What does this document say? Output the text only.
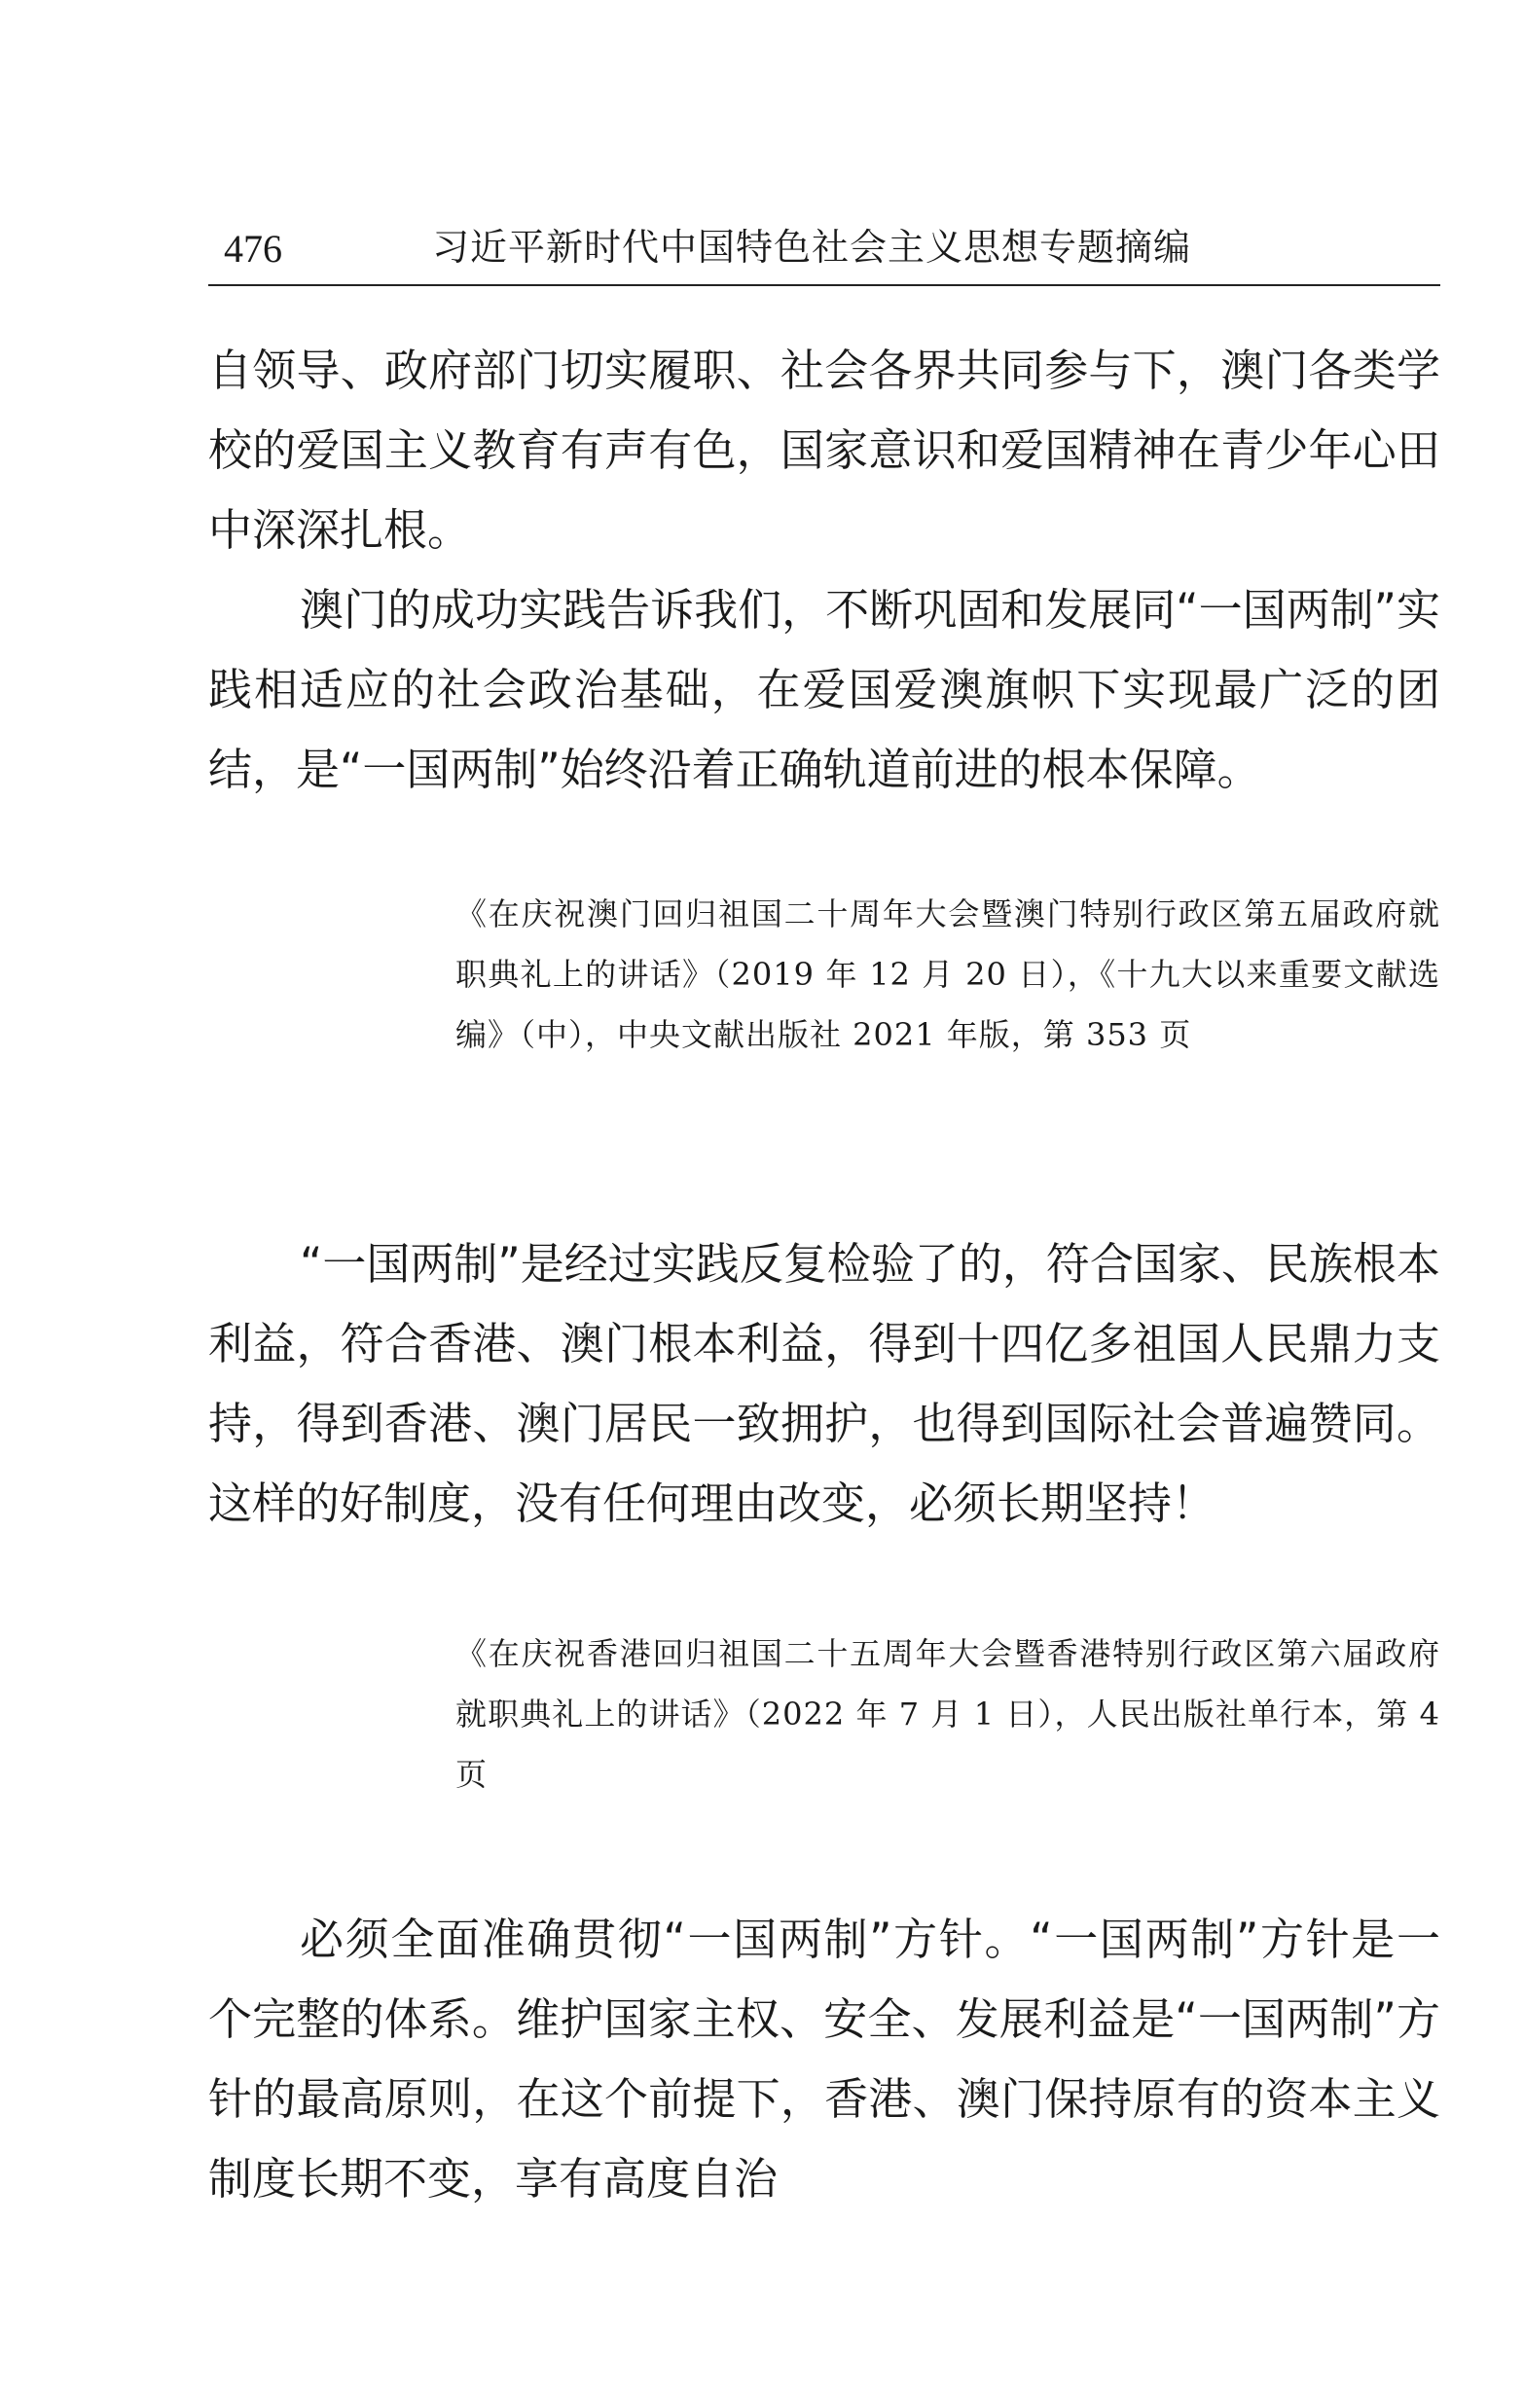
476	习近平新时代中国特色社会主义思想专题摘编

自领导、政府部门切实履职、社会各界共同参与下，澳门各类学校的爱国主义教育有声有色，国家意识和爱国精神在青少年心田中深深扎根。

澳门的成功实践告诉我们，不断巩固和发展同“一国两制”实践相适应的社会政治基础，在爱国爱澳旗帜下实现最广泛的团结，是“一国两制”始终沿着正确轨道前进的根本保障。

《在庆祝澳门回归祖国二十周年大会暨澳门特别行政区第五届政府就职典礼上的讲话》（2019 年 12 月 20 日），《十九大以来重要文献选编》（中），中央文献出版社 2021 年版，第 353 页

“一国两制”是经过实践反复检验了的，符合国家、民族根本利益，符合香港、澳门根本利益，得到十四亿多祖国人民鼎力支持，得到香港、澳门居民一致拥护，也得到国际社会普遍赞同。这样的好制度，没有任何理由改变，必须长期坚持！

《在庆祝香港回归祖国二十五周年大会暨香港特别行政区第六届政府就职典礼上的讲话》（2022 年 7 月 1 日），人民出版社单行本，第 4 页

必须全面准确贯彻“一国两制”方针。“一国两制”方针是一个完整的体系。维护国家主权、安全、发展利益是“一国两制”方针的最高原则，在这个前提下，香港、澳门保持原有的资本主义制度长期不变，享有高度自治
